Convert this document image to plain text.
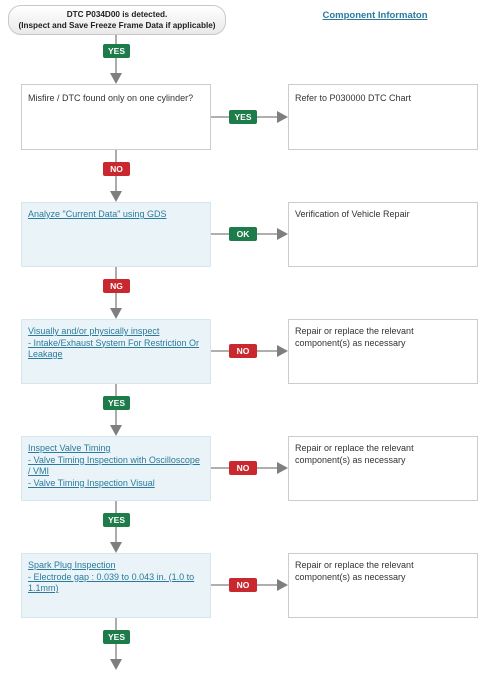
DTC P034D00 is detected.
(Inspect and Save Freeze Frame Data if applicable)
Component Informaton
YES
Misfire / DTC found only on one cylinder?
YES
Refer to P030000 DTC Chart
NO
Analyze "Current Data" using GDS
OK
Verification of Vehicle Repair
NG
Visually and/or physically inspect
- Intake/Exhaust System For Restriction Or Leakage	NO
Repair or replace the relevant component(s) as necessary
YES
Inspect Valve Timing
- Valve Timing Inspection with Oscilloscope / VMI
- Valve Timing Inspection Visual
NO
Repair or replace the relevant component(s) as necessary
YES
Spark Plug Inspection
- Electrode gap : 0.039 to 0.043 in. (1.0 to 1.1mm)	NO
Repair or replace the relevant component(s) as necessary
YES
